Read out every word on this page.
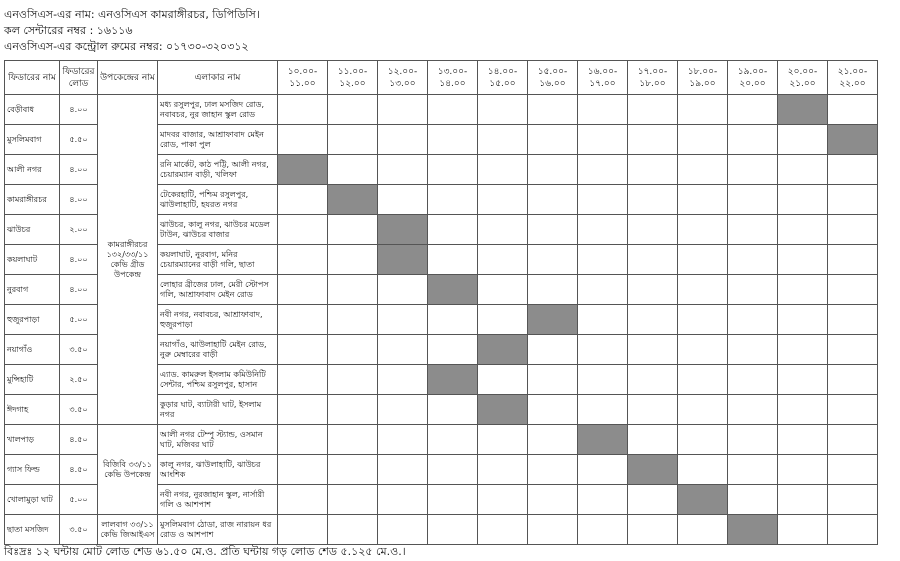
এনওসিএস-এর নাম: এনওসিএস কামরাঙ্গীরচর, ডিপিডিসি।
কল সেন্টারের নম্বর : ১৬১১৬
এনওসিএস-এর কন্ট্রোল রুমের নম্বর: ০১৭৩০-৩২০৩১২
ফিডারের নাম	ফিডারের লোড	উপকেন্দ্রের নাম	এলাকার নাম	১০.০০- ১১.০০	১১.০০- ১২.০০	১২.০০- ১৩.০০	১৩.০০- ১৪.০০	১৪.০০- ১৫.০০	১৫.০০- ১৬.০০	১৬.০০- ১৭.০০	১৭.০০- ১৮.০০	১৮.০০- ১৯.০০	১৯.০০- ২০.০০	২০.০০- ২১.০০	২১.০০- ২২.০০
বেড়ীবাধ	৪.০০	কামরাঙ্গীরচর ১৩২/৩৩/১১ কেভি গ্রীড উপকেন্দ্র	মধ্য রসুলপুর, ঢাল মসজিদ রোড, নবাবচর, নুর জাহান স্কুল রোড												
মুসলিমবাগ	৫.৫০		মাদবর বাজার, আশ্রাফাবাদ মেইন রোড, পাকা পুল												
আলী নগর	৪.০০		রনি মার্কেট, কাঠ পট্টি, আলী নগর, চেয়ারম্যান বাড়ী, খলিফা												
কামরাঙ্গীরচর	৪.০০		টেকেরহাটি, পশ্চিম রসুলপুর, ঝাউলাহাটি, হযরত নগর												
ঝাউচর	২.০০		ঝাউচর, কালু নগর, ঝাউচর মডেল টাউন, ঝাউচর বাজার												
কয়লাঘাট	৪.০০		কয়লাঘাট, নুরবাগ, মনির চেয়ারম্যানের বাড়ী গলি, ছাতা												
নুরবাগ	৪.০০		লোহার ব্রীজের ঢাল, মেরী স্টোপস গলি, আশ্রাফাবাদ মেইন রোড												
হুজুরপাড়া	৫.০০		নবী নগর, নবাবচর, আশ্রাফাবাদ, হুজুরপাড়া												
নয়াগাঁও	৩.৫০		নয়াগাঁও, ঝাউলাহাটি মেইন রোড, নুরু মেম্বারের বাড়ী												
মুন্সিহাটি	২.৫০		এ্যাড. কামরুল ইসলাম কমিউনিটি সেন্টার, পশ্চিম রসুলপুর, হাসান												
ঈদগাহ	৩.৫০		কুড়ার ঘাট, ব্যাটারী ঘাট, ইসলাম নগর												
খালপাড়	৪.৫০	বিজিবি ৩৩/১১ কেভি উপকেন্দ্র	আলী নগর টেম্পু স্ট্যান্ড, ওসমান ঘাট, মজিবর ঘাট												
গ্যাস ফিল্ড	৪.৫০		কালু নগর, ঝাউলাহাটি, ঝাউচর আংশিক												
খোলামুড়া ঘাট	৫.০০		নবী নগর, নুরজাহান স্কুল, নার্সারী গলি ও আশপাশ												
ছাতা মসজিদ	৩.৫০	লালবাগ ৩৩/১১ কেভি জিআইএস	মুসলিমবাগ ঠোডা, রাজ নারায়ন ধর রোড ও আশপাশ												
বিঃদ্রঃ ১২ ঘন্টায় মোট লোড শেড ৬১.৫০ মে.ও. প্রতি ঘন্টায় গড় লোড শেড ৫.১২৫ মে.ও.।
